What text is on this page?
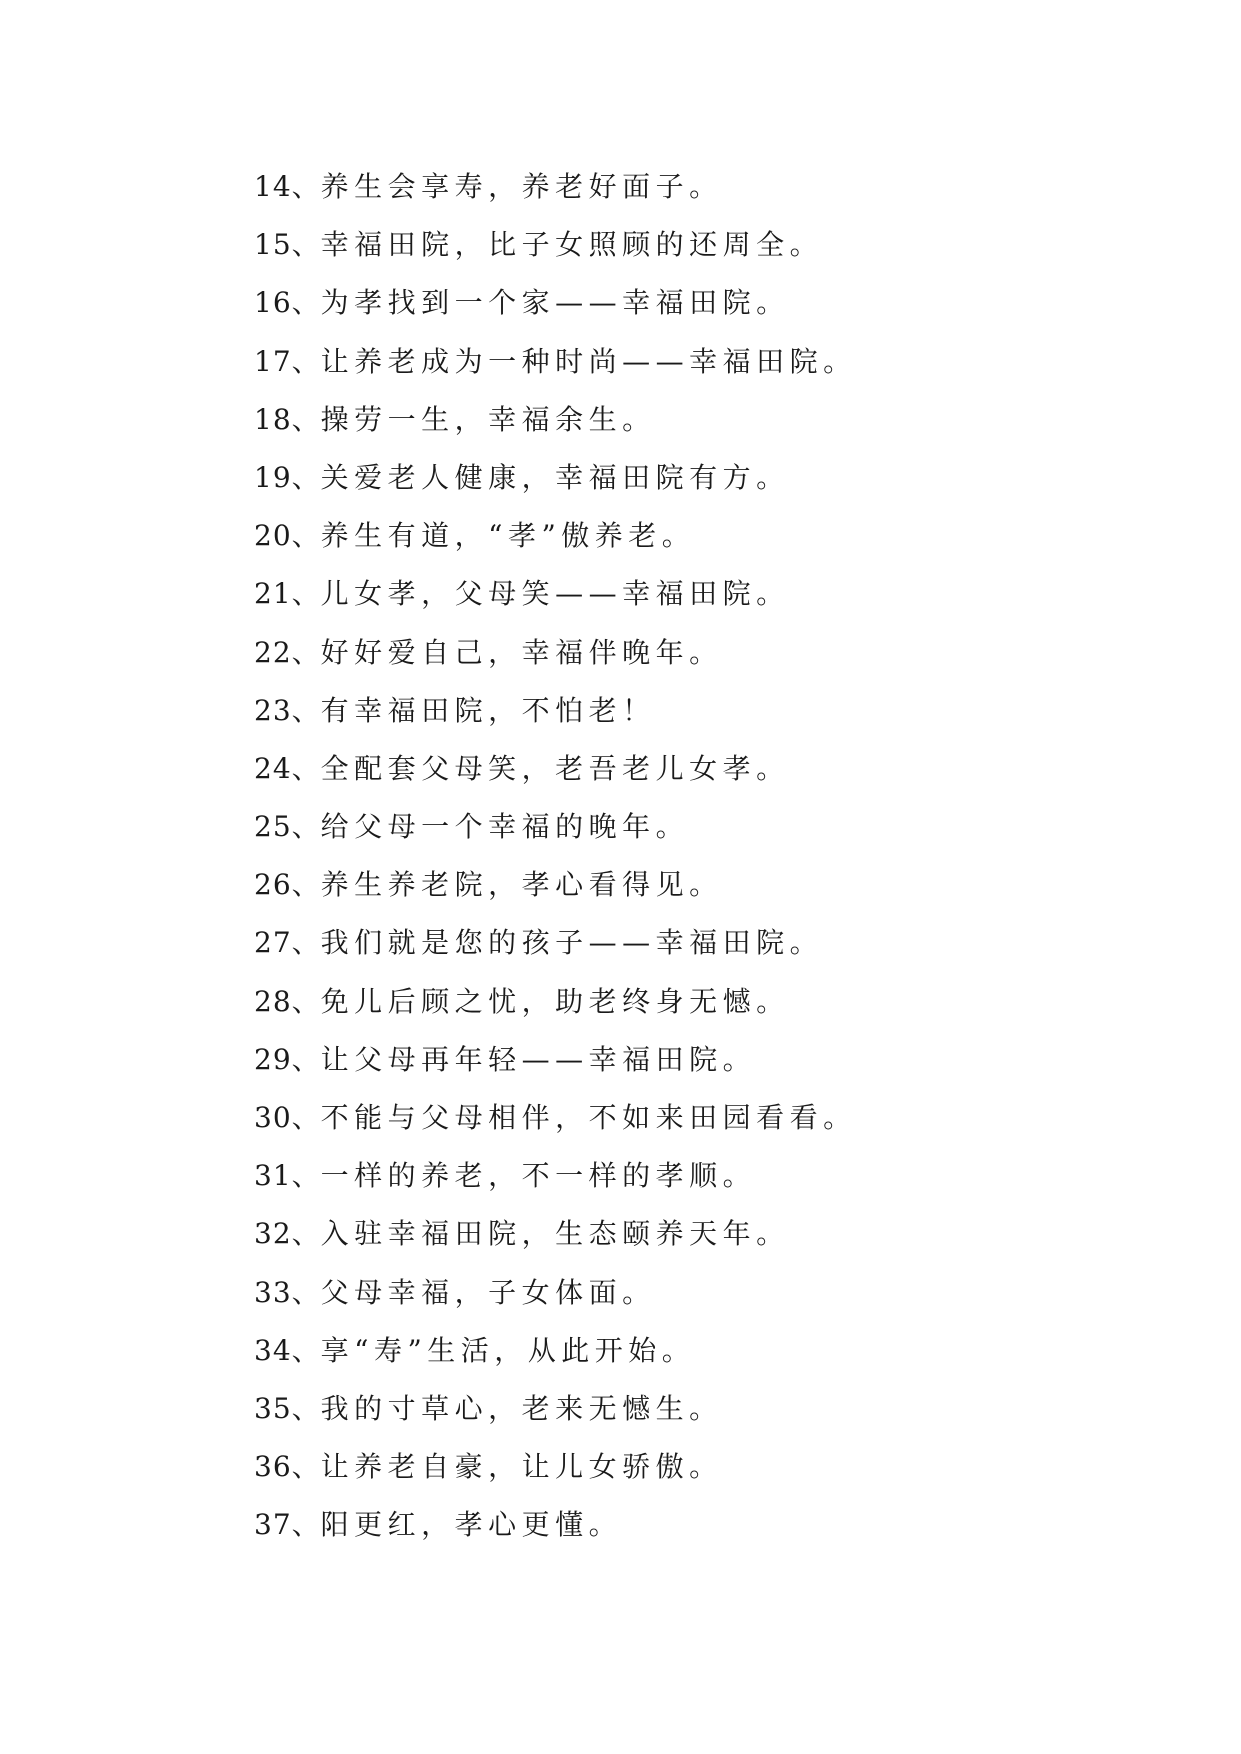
14、养生会享寿，养老好面子。
15、幸福田院，比子女照顾的还周全。
16、为孝找到一个家——幸福田院。
17、让养老成为一种时尚——幸福田院。
18、操劳一生，幸福余生。
19、关爱老人健康，幸福田院有方。
20、养生有道，“孝”傲养老。
21、儿女孝，父母笑——幸福田院。
22、好好爱自己，幸福伴晚年。
23、有幸福田院，不怕老！
24、全配套父母笑，老吾老儿女孝。
25、给父母一个幸福的晚年。
26、养生养老院，孝心看得见。
27、我们就是您的孩子——幸福田院。
28、免儿后顾之忧，助老终身无憾。
29、让父母再年轻——幸福田院。
30、不能与父母相伴，不如来田园看看。
31、一样的养老，不一样的孝顺。
32、入驻幸福田院，生态颐养天年。
33、父母幸福，子女体面。
34、享“寿”生活，从此开始。
35、我的寸草心，老来无憾生。
36、让养老自豪，让儿女骄傲。
37、阳更红，孝心更懂。
